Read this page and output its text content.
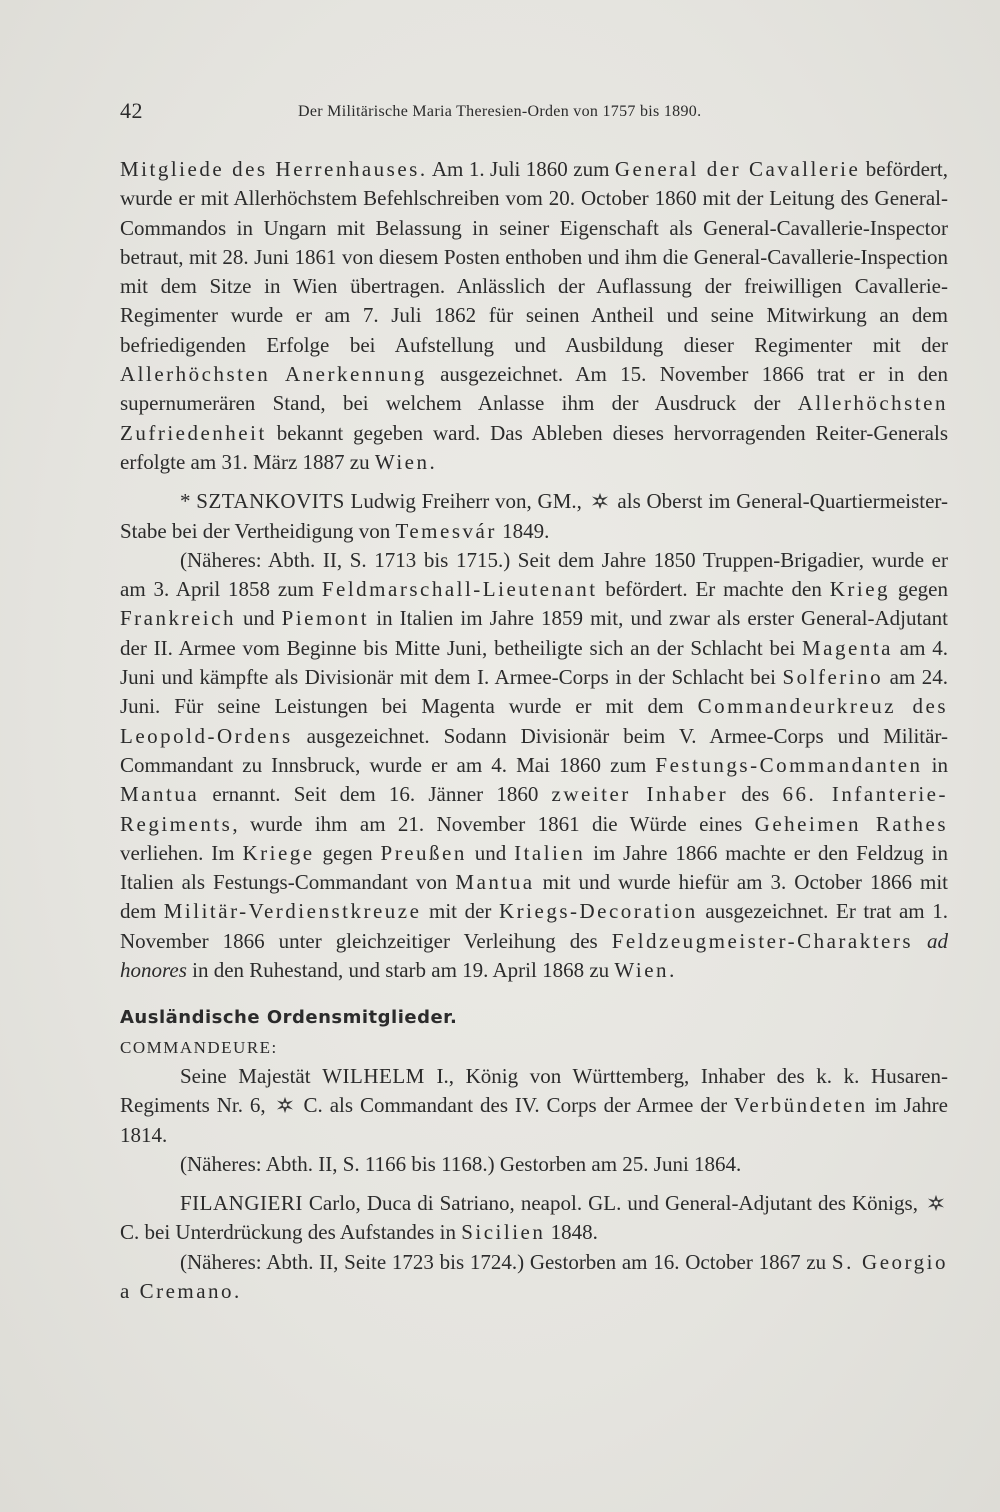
42	Der Militärische Maria Theresien-Orden von 1757 bis 1890.

Mitgliede des Herrenhauses. Am 1. Juli 1860 zum General der Cavallerie befördert, wurde er mit Allerhöchstem Befehlschreiben vom 20. October 1860 mit der Leitung des General-Commandos in Ungarn mit Belassung in seiner Eigenschaft als General-Cavallerie-Inspector betraut, mit 28. Juni 1861 von diesem Posten enthoben und ihm die General-Cavallerie-Inspection mit dem Sitze in Wien übertragen. Anlässlich der Auflassung der freiwilligen Cavallerie-Regimenter wurde er am 7. Juli 1862 für seinen Antheil und seine Mitwirkung an dem befriedigenden Erfolge bei Aufstellung und Ausbildung dieser Regimenter mit der Allerhöchsten Anerkennung ausgezeichnet. Am 15. November 1866 trat er in den supernumerären Stand, bei welchem Anlasse ihm der Ausdruck der Allerhöchsten Zufriedenheit bekannt gegeben ward. Das Ableben dieses hervorragenden Reiter-Generals erfolgte am 31. März 1887 zu Wien.

* SZTANKOVITS Ludwig Freiherr von, GM.,  als Oberst im General-Quartiermeister-Stabe bei der Vertheidigung von Temesvár 1849.

(Näheres: Abth. II, S. 1713 bis 1715.) Seit dem Jahre 1850 Truppen-Brigadier, wurde er am 3. April 1858 zum Feldmarschall-Lieutenant befördert. Er machte den Krieg gegen Frankreich und Piemont in Italien im Jahre 1859 mit, und zwar als erster General-Adjutant der II. Armee vom Beginne bis Mitte Juni, betheiligte sich an der Schlacht bei Magenta am 4. Juni und kämpfte als Divisionär mit dem I. Armee-Corps in der Schlacht bei Solferino am 24. Juni. Für seine Leistungen bei Magenta wurde er mit dem Commandeurkreuz des Leopold-Ordens ausgezeichnet. Sodann Divisionär beim V. Armee-Corps und Militär-Commandant zu Innsbruck, wurde er am 4. Mai 1860 zum Festungs-Commandanten in Mantua ernannt. Seit dem 16. Jänner 1860 zweiter Inhaber des 66. Infanterie-Regiments, wurde ihm am 21. November 1861 die Würde eines Geheimen Rathes verliehen. Im Kriege gegen Preußen und Italien im Jahre 1866 machte er den Feldzug in Italien als Festungs-Commandant von Mantua mit und wurde hiefür am 3. October 1866 mit dem Militär-Verdienstkreuze mit der Kriegs-Decoration ausgezeichnet. Er trat am 1. November 1866 unter gleichzeitiger Verleihung des Feldzeugmeister-Charakters ad honores in den Ruhestand, und starb am 19. April 1868 zu Wien.

Ausländische Ordensmitglieder.

COMMANDEURE:

Seine Majestät WILHELM I., König von Württemberg, Inhaber des k. k. Husaren-Regiments Nr. 6,  C. als Commandant des IV. Corps der Armee der Verbündeten im Jahre 1814.

(Näheres: Abth. II, S. 1166 bis 1168.) Gestorben am 25. Juni 1864.

FILANGIERI Carlo, Duca di Satriano, neapol. GL. und General-Adjutant des Königs,  C. bei Unterdrückung des Aufstandes in Sicilien 1848.

(Näheres: Abth. II, Seite 1723 bis 1724.) Gestorben am 16. October 1867 zu S. Georgio a Cremano.
